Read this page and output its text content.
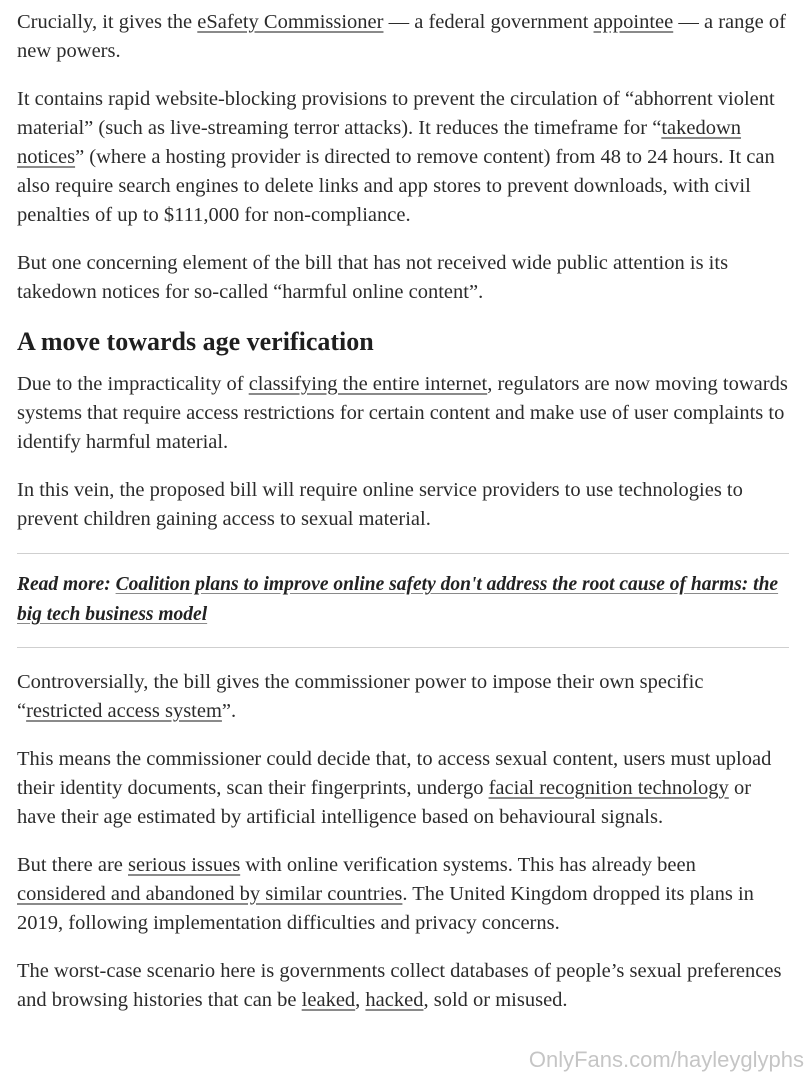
Crucially, it gives the eSafety Commissioner — a federal government appointee — a range of new powers.

It contains rapid website-blocking provisions to prevent the circulation of “abhorrent violent material” (such as live-streaming terror attacks). It reduces the timeframe for “takedown notices” (where a hosting provider is directed to remove content) from 48 to 24 hours. It can also require search engines to delete links and app stores to prevent downloads, with civil penalties of up to $111,000 for non-compliance.

But one concerning element of the bill that has not received wide public attention is its takedown notices for so-called “harmful online content”.

A move towards age verification

Due to the impracticality of classifying the entire internet, regulators are now moving towards systems that require access restrictions for certain content and make use of user complaints to identify harmful material.

In this vein, the proposed bill will require online service providers to use technologies to prevent children gaining access to sexual material.

Read more: Coalition plans to improve online safety don't address the root cause of harms: the big tech business model

Controversially, the bill gives the commissioner power to impose their own specific “restricted access system”.

This means the commissioner could decide that, to access sexual content, users must upload their identity documents, scan their fingerprints, undergo facial recognition technology or have their age estimated by artificial intelligence based on behavioural signals.

But there are serious issues with online verification systems. This has already been considered and abandoned by similar countries. The United Kingdom dropped its plans in 2019, following implementation difficulties and privacy concerns.

The worst-case scenario here is governments collect databases of people’s sexual preferences and browsing histories that can be leaked, hacked, sold or misused.

OnlyFans.com/hayleyglyphs
